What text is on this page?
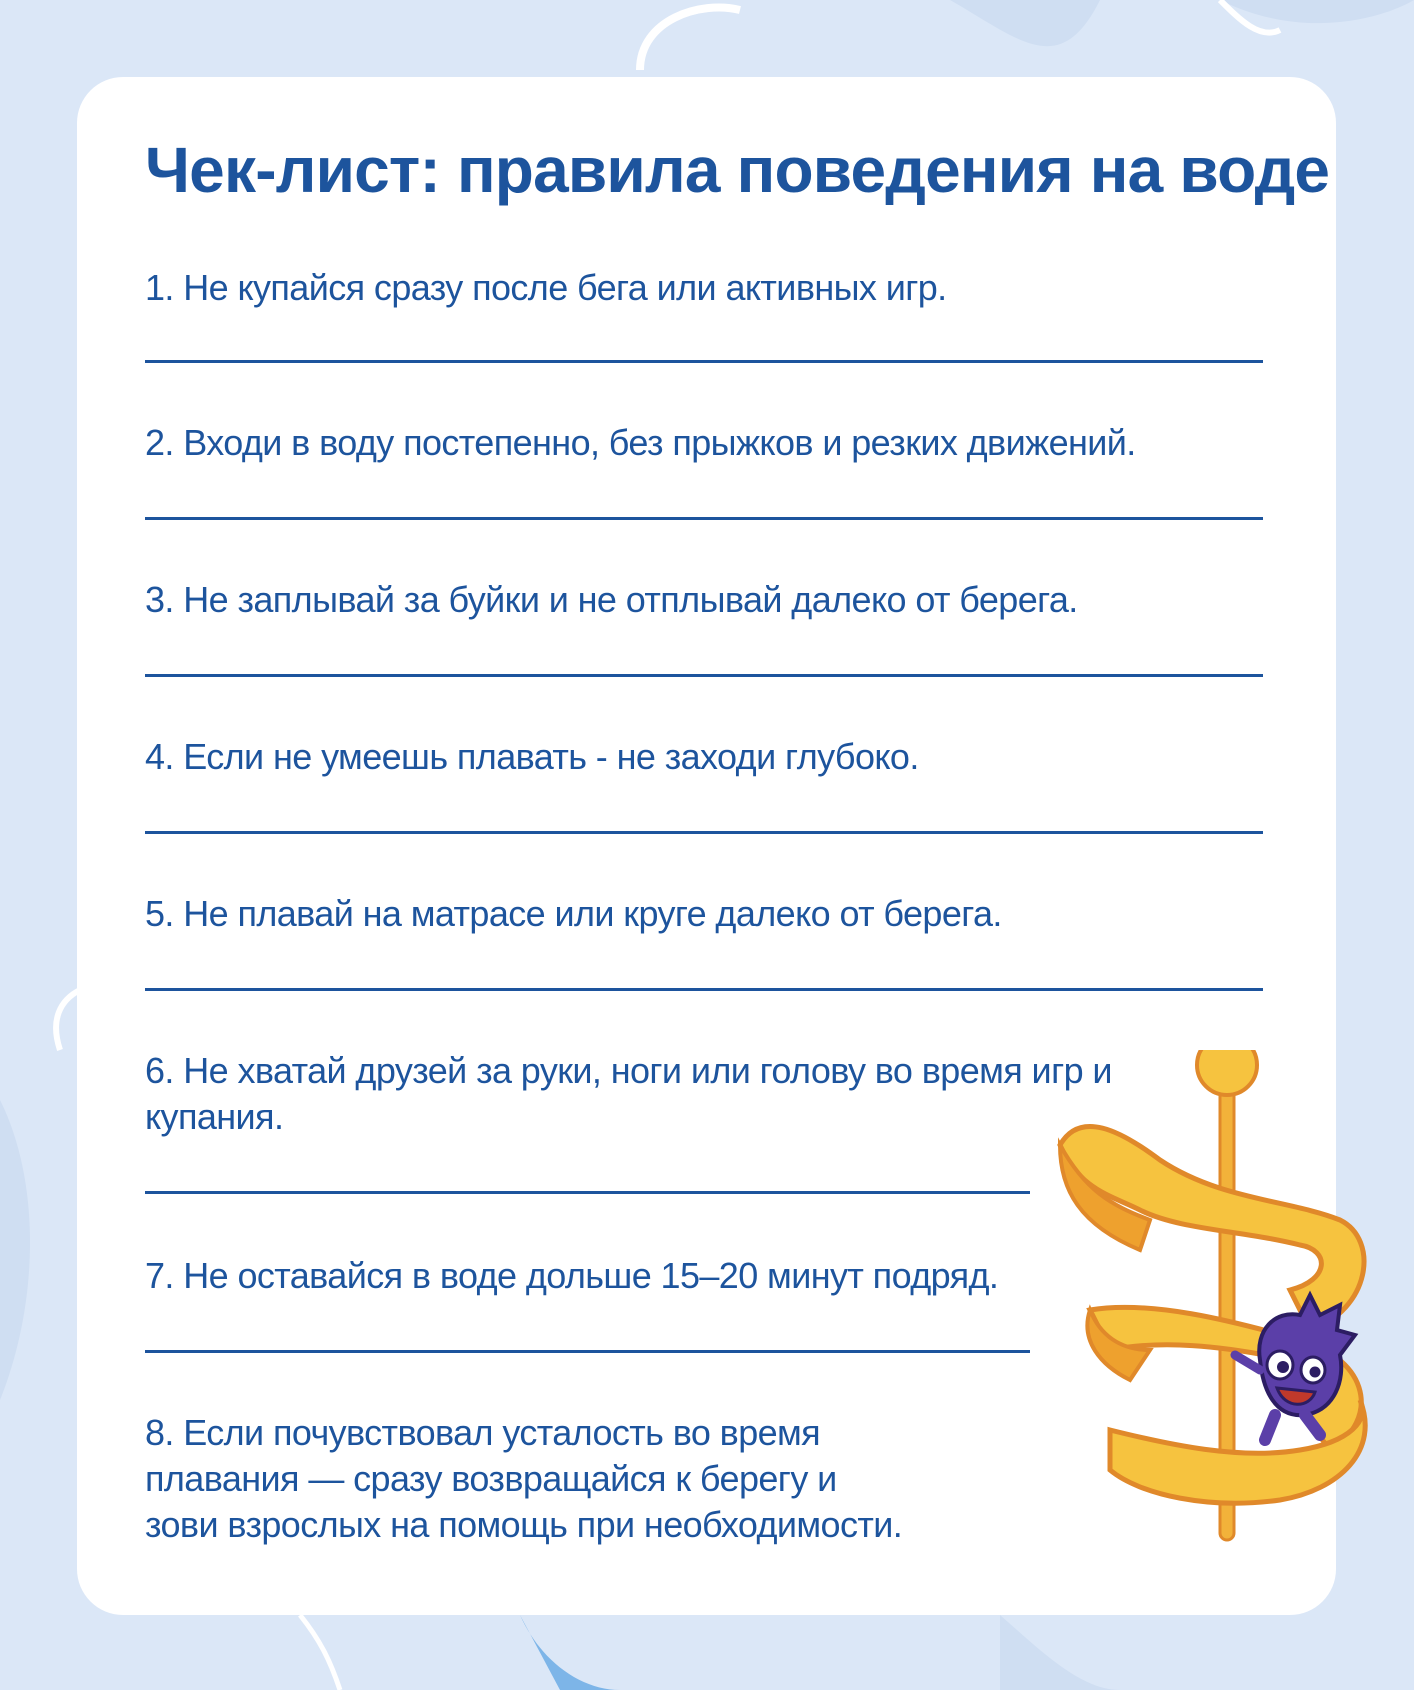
Чек-лист: правила поведения на воде

1. Не купайся сразу после бега или активных игр.

2. Входи в воду постепенно, без прыжков и резких движений.

3. Не заплывай за буйки и не отплывай далеко от берега.

4. Если не умеешь плавать - не заходи глубоко.

5. Не плавай на матрасе или круге далеко от берега.

6. Не хватай друзей за руки, ноги или голову во время игр и купания.

7. Не оставайся в воде дольше 15–20 минут подряд.

8. Если почувствовал усталость во время плавания — сразу возвращайся к берегу и зови взрослых на помощь при необходимости.
